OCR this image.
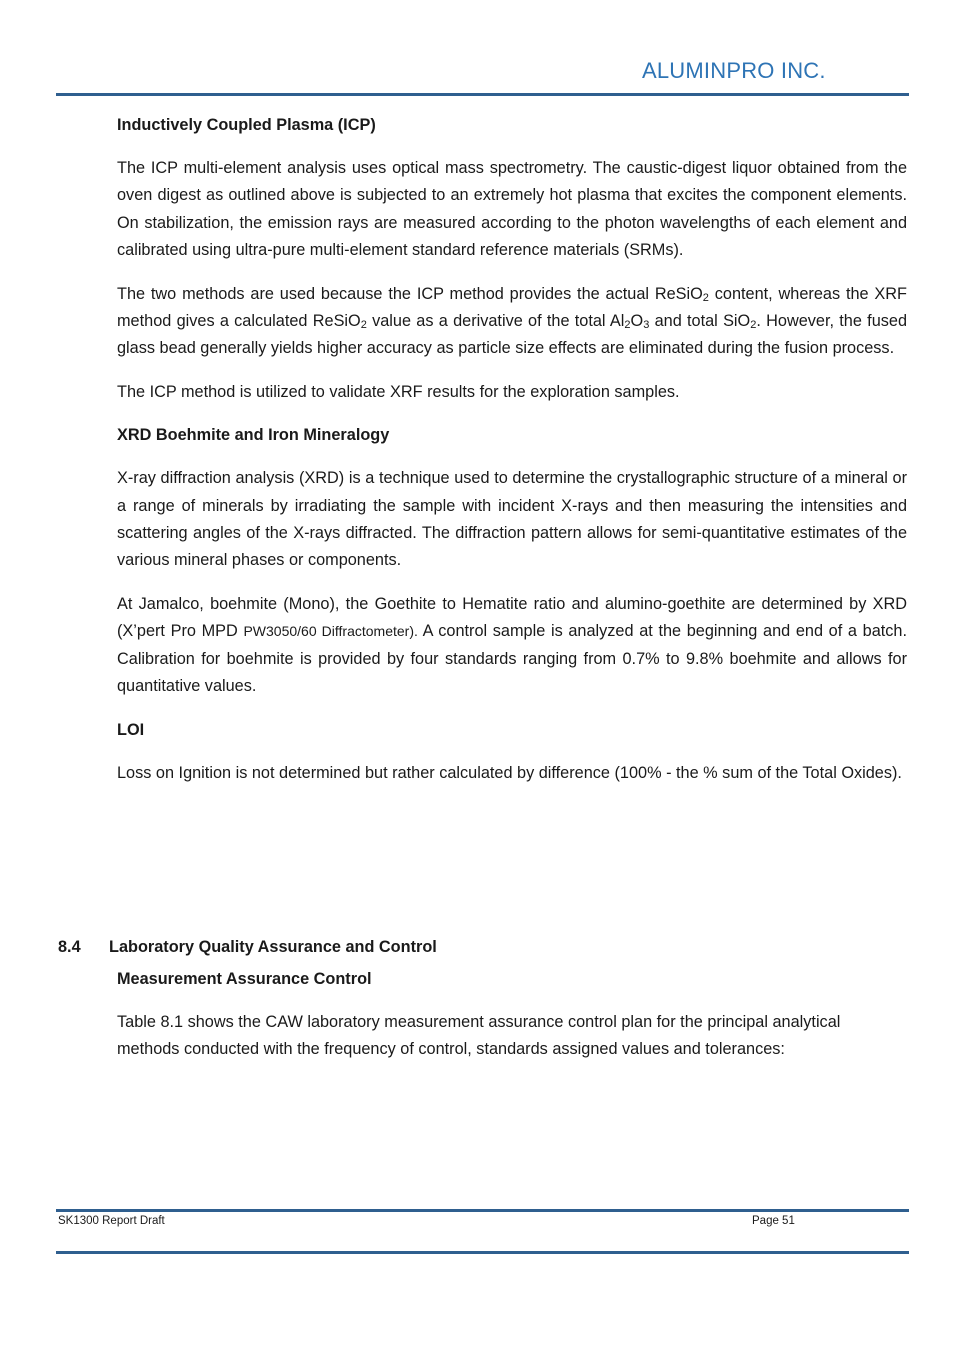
ALUMINPRO INC.
Inductively Coupled Plasma (ICP)

The ICP multi-element analysis uses optical mass spectrometry. The caustic-digest liquor obtained from the oven digest as outlined above is subjected to an extremely hot plasma that excites the component elements. On stabilization, the emission rays are measured according to the photon wavelengths of each element and calibrated using ultra-pure multi-element standard reference materials (SRMs).

The two methods are used because the ICP method provides the actual ReSiO$_2$ content, whereas the XRF method gives a calculated ReSiO$_2$ value as a derivative of the total $Al_2O_3$ and total SiO$_2$. However, the fused glass bead generally yields higher accuracy as particle size effects are eliminated during the fusion process.

The ICP method is utilized to validate XRF results for the exploration samples.

XRD Boehmite and Iron Mineralogy

X-ray diffraction analysis (XRD) is a technique used to determine the crystallographic structure of a mineral or a range of minerals by irradiating the sample with incident X-rays and then measuring the intensities and scattering angles of the X-rays diffracted. The diffraction pattern allows for semi-quantitative estimates of the various mineral phases or components.

At Jamalco, boehmite (Mono), the Goethite to Hematite ratio and alumino-goethite are determined by XRD (X’pert Pro MPD PW3050/60 Diffractometer). A control sample is analyzed at the beginning and end of a batch. Calibration for boehmite is provided by four standards ranging from 0.7% to 9.8% boehmite and allows for quantitative values.

LOI

Loss on Ignition is not determined but rather calculated by difference (100% - the % sum of the Total Oxides).

8.4 Laboratory Quality Assurance and Control
Measurement Assurance Control

Table 8.1 shows the CAW laboratory measurement assurance control plan for the principal analytical methods conducted with the frequency of control, standards assigned values and tolerances:

SK1300 Report Draft	Page 51
